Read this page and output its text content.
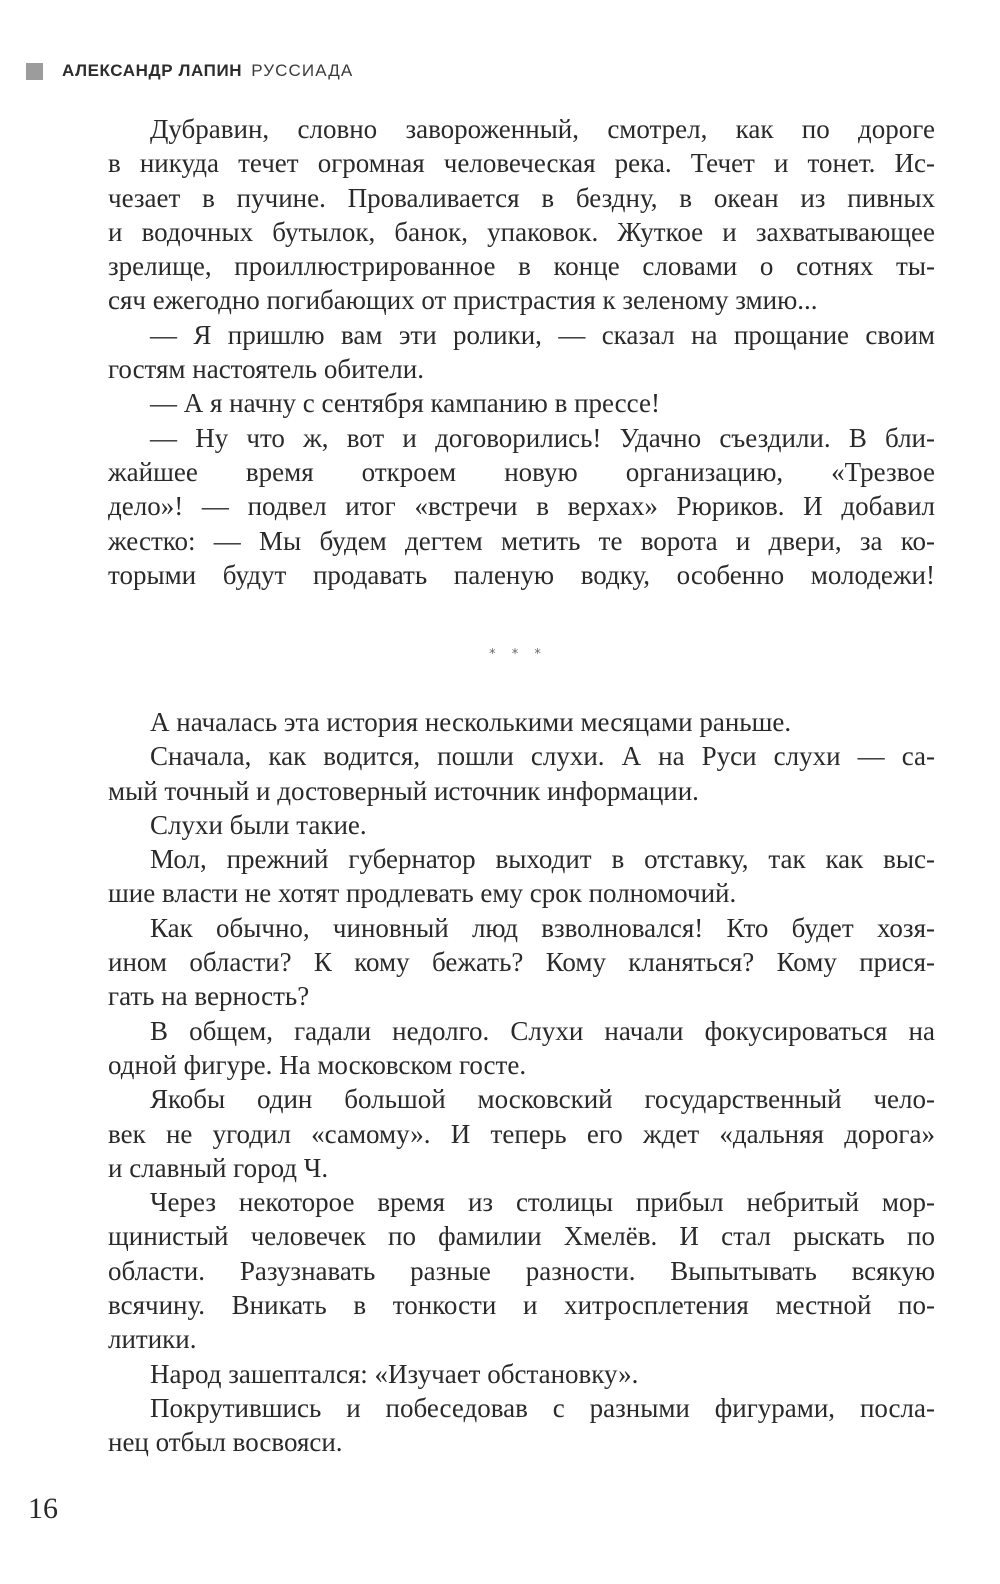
АЛЕКСАНДР ЛАПИН РУССИАДА
Дубравин, словно завороженный, смотрел, как по дороге
в никуда течет огромная человеческая река. Течет и тонет. Ис-
чезает в пучине. Проваливается в бездну, в океан из пивных
и водочных бутылок, банок, упаковок. Жуткое и захватывающее
зрелище, проиллюстрированное в конце словами о сотнях ты-
сяч ежегодно погибающих от пристрастия к зеленому змию...
— Я пришлю вам эти ролики, — сказал на прощание своим
гостям настоятель обители.
— А я начну с сентября кампанию в прессе!
— Ну что ж, вот и договорились! Удачно съездили. В бли-
жайшее время откроем новую организацию, «Трезвое
дело»! — подвел итог «встречи в верхах» Рюриков. И добавил
жестко: — Мы будем дегтем метить те ворота и двери, за ко-
торыми будут продавать паленую водку, особенно молодежи!
* * *
А началась эта история несколькими месяцами раньше.
Сначала, как водится, пошли слухи. А на Руси слухи — са-
мый точный и достоверный источник информации.
Слухи были такие.
Мол, прежний губернатор выходит в отставку, так как выс-
шие власти не хотят продлевать ему срок полномочий.
Как обычно, чиновный люд взволновался! Кто будет хозя-
ином области? К кому бежать? Кому кланяться? Кому прися-
гать на верность?
В общем, гадали недолго. Слухи начали фокусироваться на
одной фигуре. На московском госте.
Якобы один большой московский государственный чело-
век не угодил «самому». И теперь его ждет «дальняя дорога»
и славный город Ч.
Через некоторое время из столицы прибыл небритый мор-
щинистый человечек по фамилии Хмелёв. И стал рыскать по
области. Разузнавать разные разности. Выпытывать всякую
всячину. Вникать в тонкости и хитросплетения местной по-
литики.
Народ зашептался: «Изучает обстановку».
Покрутившись и побеседовав с разными фигурами, посла-
нец отбыл восвояси.
16
